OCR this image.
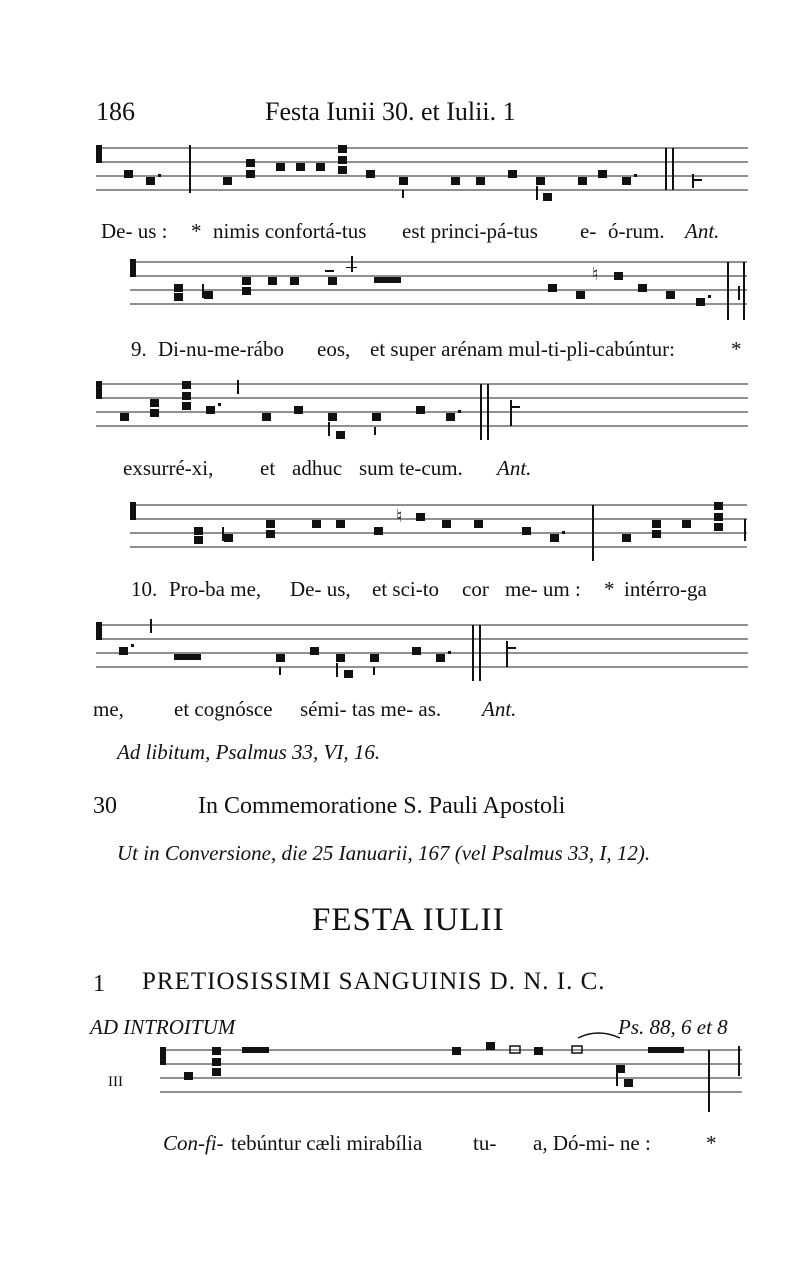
186	Festa Iunii 30. et Iulii. 1
De- us : * nimis confortá-tus est princi-pá-tus e- ó-rum. Ant.
♮
9. Di-nu-me-rábo eos, et super arénam mul-ti-pli-cabúntur:	*
exsurré-xi, et adhuc sum te-cum. Ant.
♮
10. Pro-ba me, De- us, et sci-to cor me- um : * intérro-ga
me, et cognósce sémi- tas me- as. Ant.
Ad libitum, Psalmus 33, VI, 16.
30	In Commemoratione S. Pauli Apostoli
Ut in Conversione, die 25 Ianuarii, 167 (vel Psalmus 33, I, 12).
FESTA IULII
1 PRETIOSISSIMI SANGUINIS D. N. I. C.
AD INTROITUM	Ps. 88, 6 et 8
III
Con-fi- tebúntur cæli mirabília tu- a, Dó-mi- ne :	*
